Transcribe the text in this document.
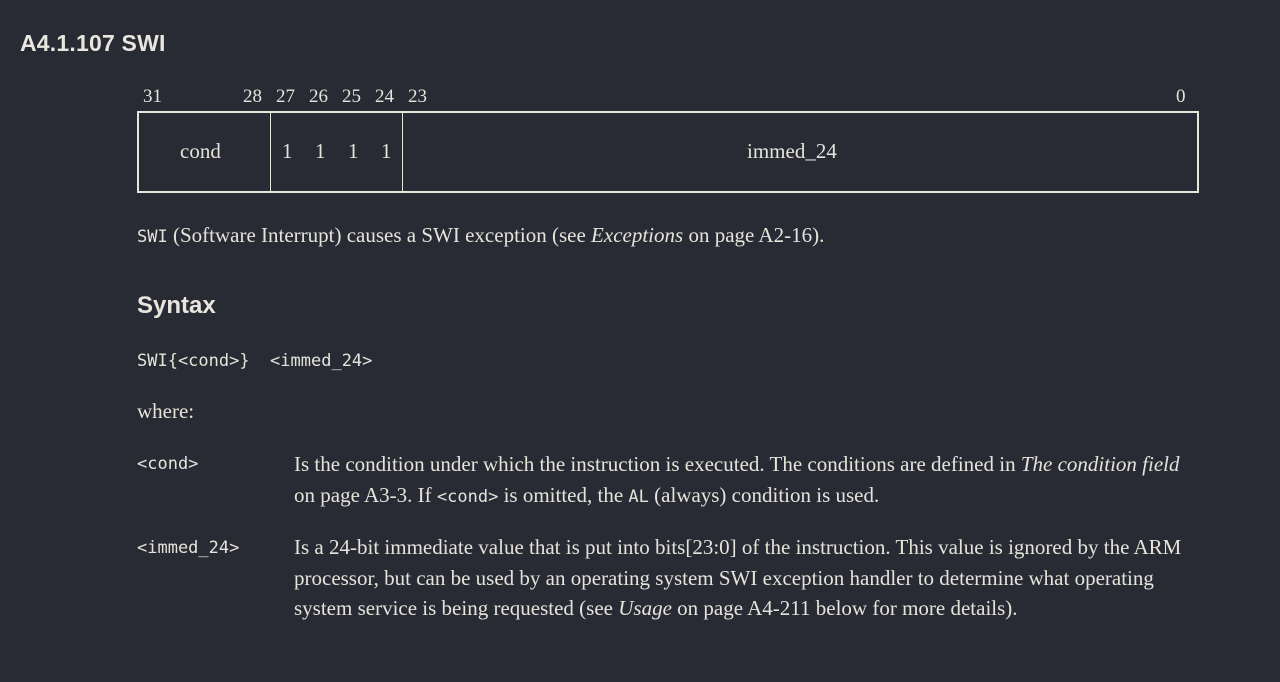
A4.1.107 SWI
31	28 27 26 25 24 23	0
cond	1 1 1 1	immed_24
SWI (Software Interrupt) causes a SWI exception (see Exceptions on page A2-16).
Syntax
SWI{<cond>}  <immed_24>
where:
<cond>	Is the condition under which the instruction is executed. The conditions are defined in The condition field on page A3-3. If <cond> is omitted, the AL (always) condition is used.
<immed_24>	Is a 24-bit immediate value that is put into bits[23:0] of the instruction. This value is ignored by the ARM processor, but can be used by an operating system SWI exception handler to determine what operating system service is being requested (see Usage on page A4-211 below for more details).
